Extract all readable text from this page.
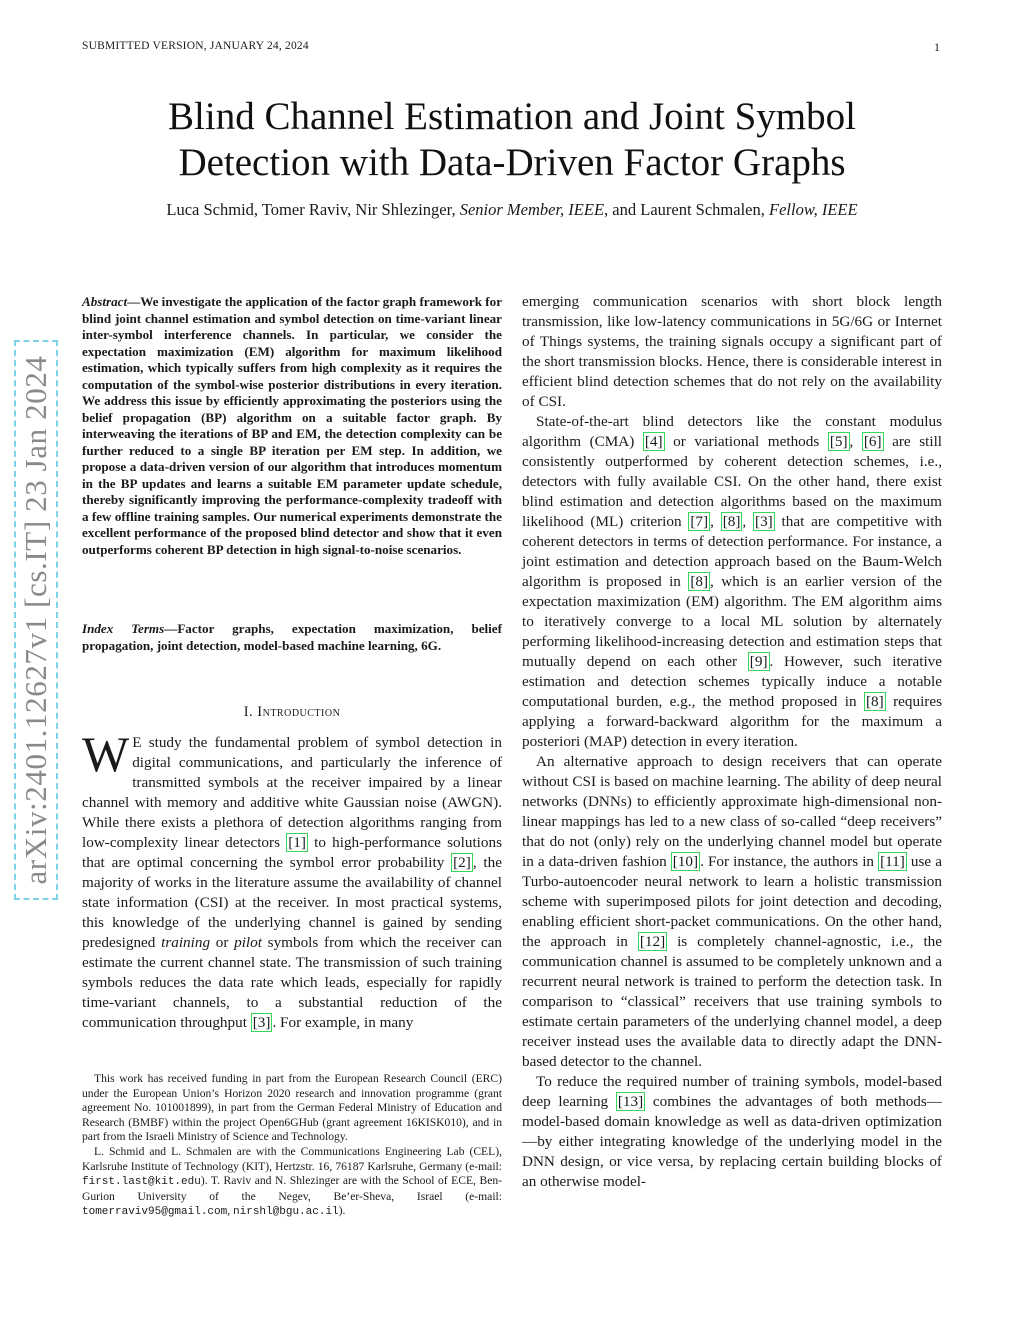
SUBMITTED VERSION, JANUARY 24, 2024	1
Blind Channel Estimation and Joint Symbol
Detection with Data-Driven Factor Graphs
Luca Schmid, Tomer Raviv, Nir Shlezinger, Senior Member, IEEE, and Laurent Schmalen, Fellow, IEEE
arXiv:2401.12627v1 [cs.IT] 23 Jan 2024
Abstract—We investigate the application of the factor graph framework for blind joint channel estimation and symbol detection on time-variant linear inter-symbol interference channels. In particular, we consider the expectation maximization (EM) algorithm for maximum likelihood estimation, which typically suffers from high complexity as it requires the computation of the symbol-wise posterior distributions in every iteration. We address this issue by efficiently approximating the posteriors using the belief propagation (BP) algorithm on a suitable factor graph. By interweaving the iterations of BP and EM, the detection complexity can be further reduced to a single BP iteration per EM step. In addition, we propose a data-driven version of our algorithm that introduces momentum in the BP updates and learns a suitable EM parameter update schedule, thereby significantly improving the performance-complexity tradeoff with a few offline training samples. Our numerical experiments demonstrate the excellent performance of the proposed blind detector and show that it even outperforms coherent BP detection in high signal-to-noise scenarios.
Index Terms—Factor graphs, expectation maximization, belief propagation, joint detection, model-based machine learning, 6G.
I. Introduction

W E study the fundamental problem of symbol detection in digital communications, and particularly the inference of transmitted symbols at the receiver impaired by a linear channel with memory and additive white Gaussian noise (AWGN). While there exists a plethora of detection algorithms ranging from low-complexity linear detectors [1] to high-performance solutions that are optimal concerning the symbol error probability [2] , the majority of works in the literature assume the availability of channel state information (CSI) at the receiver. In most practical systems, this knowledge of the underlying channel is gained by sending predesigned training or pilot symbols from which the receiver can estimate the current channel state. The transmission of such training symbols reduces the data rate which leads, especially for rapidly time-variant channels, to a substantial reduction of the communication throughput [3] . For example, in many

This work has received funding in part from the European Research Council (ERC) under the European Union’s Horizon 2020 research and innovation programme (grant agreement No. 101001899), in part from the German Federal Ministry of Education and Research (BMBF) within the project Open6GHub (grant agreement 16KISK010), and in part from the Israeli Ministry of Science and Technology.

L. Schmid and L. Schmalen are with the Communications Engineering Lab (CEL), Karlsruhe Institute of Technology (KIT), Hertzstr. 16, 76187 Karlsruhe, Germany (e-mail: first.last@kit.edu). T. Raviv and N. Shlezinger are with the School of ECE, Ben-Gurion University of the Negev, Be’er-Sheva, Israel (e-mail: tomerraviv95@gmail.com, nirshl@bgu.ac.il).

emerging communication scenarios with short block length transmission, like low-latency communications in 5G/6G or Internet of Things systems, the training signals occupy a significant part of the short transmission blocks. Hence, there is considerable interest in efficient blind detection schemes that do not rely on the availability of CSI.

State-of-the-art blind detectors like the constant modulus algorithm (CMA) [4] or variational methods [5] , [6] are still consistently outperformed by coherent detection schemes, i.e., detectors with fully available CSI. On the other hand, there exist blind estimation and detection algorithms based on the maximum likelihood (ML) criterion [7] , [8] , [3] that are competitive with coherent detectors in terms of detection performance. For instance, a joint estimation and detection approach based on the Baum-Welch algorithm is proposed in [8] , which is an earlier version of the expectation maximization (EM) algorithm. The EM algorithm aims to iteratively converge to a local ML solution by alternately performing likelihood-increasing detection and estimation steps that mutually depend on each other [9] . However, such iterative estimation and detection schemes typically induce a notable computational burden, e.g., the method proposed in [8] requires applying a forward-backward algorithm for the maximum a posteriori (MAP) detection in every iteration.

An alternative approach to design receivers that can operate without CSI is based on machine learning. The ability of deep neural networks (DNNs) to efficiently approximate high-dimensional non-linear mappings has led to a new class of so-called “deep receivers” that do not (only) rely on the underlying channel model but operate in a data-driven fashion [10] . For instance, the authors in [11] use a Turbo-autoencoder neural network to learn a holistic transmission scheme with superimposed pilots for joint detection and decoding, enabling efficient short-packet communications. On the other hand, the approach in [12] is completely channel-agnostic, i.e., the communication channel is assumed to be completely unknown and a recurrent neural network is trained to perform the detection task. In comparison to “classical” receivers that use training symbols to estimate certain parameters of the underlying channel model, a deep receiver instead uses the available data to directly adapt the DNN-based detector to the channel.

To reduce the required number of training symbols, model-based deep learning [13] combines the advantages of both methods—model-based domain knowledge as well as data-driven optimization—by either integrating knowledge of the underlying model in the DNN design, or vice versa, by replacing certain building blocks of an otherwise model-
